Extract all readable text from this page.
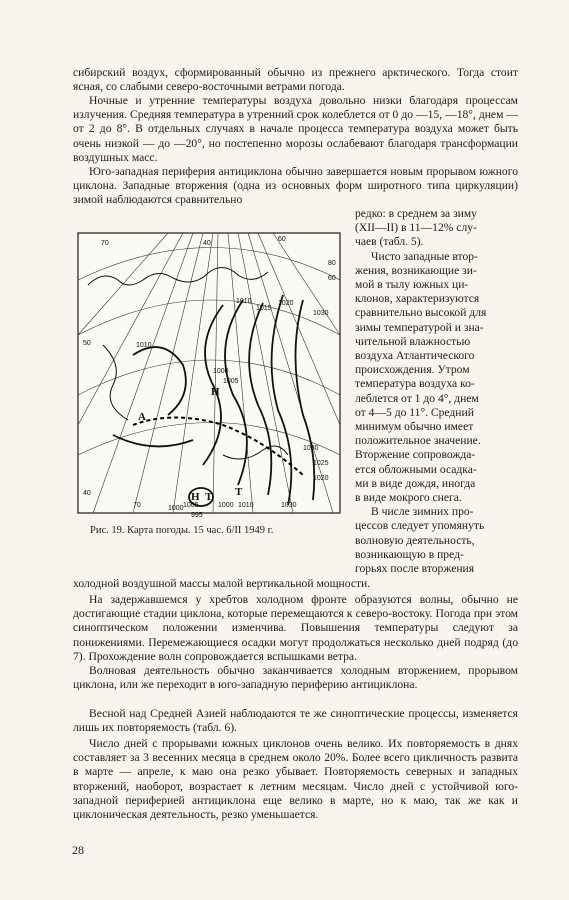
сибирский воздух, сформированный обычно из прежнего арктического. Тогда стоит ясная, со слабыми северо-восточными ветрами погода.

Ночные и утренние температуры воздуха довольно низки благодаря процессам излучения. Средняя температура в утренний срок колеблется от 0 до —15, —18°, днем — от 2 до 8°. В отдельных случаях в начале процесса температура воздуха может быть очень низкой — до —20°, но постепенно морозы ослабевают благодаря трансформации воздушных масс.

Юго-западная периферия антициклона обычно завершается новым прорывом южного циклона. Западные вторжения (одна из основных форм широтного типа циркуляции) зимой наблюдаются сравнительно

70	40
60
80
60
50
40
70
1010
1015
1020
1030
1010
1000
1005
1030
1025
1020
1000 1005
995
1000 1010	1030
H
A
H T T
редко: в среднем за зиму
(XII—II) в 11—12% слу-
чаев (табл. 5).
Чисто западные втор-
жения, возникающие зи-
мой в тылу южных ци-
клонов, характеризуются
сравнительно высокой для
зимы температурой и зна-
чительной влажностью
воздуха Атлантического
происхождения. Утром
температура воздуха ко-
леблется от 1 до 4°, днем
от 4—5 до 11°. Средний
минимум обычно имеет
положительное значение.
Вторжение сопровожда-
ется обложными осадка-
ми в виде дождя, иногда
в виде мокрого снега.
В числе зимних про-
цессов следует упомянуть
волновую деятельность,
возникающую в пред-
горьях после вторжения
Рис. 19. Карта погоды. 15 час. 6/II 1949 г.

холодной воздушной массы малой вертикальной мощности.

На задержавшемся у хребтов холодном фронте образуются волны, обычно не достигающие стадии циклона, которые перемещаются к северо-востоку. Погода при этом синоптическом положении изменчива. Повышения температуры следуют за понижениями. Перемежающиеся осадки могут продолжаться несколько дней подряд (до 7). Прохождение волн сопровождается вспышками ветра.

Волновая деятельность обычно заканчивается холодным вторжением, прорывом циклона, или же переходит в юго-западную периферию антициклона.

Весной над Средней Азией наблюдаются те же синоптические процессы, изменяется лишь их повторяемость (табл. 6).

Число дней с прорывами южных циклонов очень велико. Их повторяемость в днях составляет за 3 весенних месяца в среднем около 20%. Более всего цикличность развита в марте — апреле, к маю она резко убывает. Повторяемость северных и западных вторжений, наоборот, возрастает к летним месяцам. Число дней с устойчивой юго-западной периферией антициклона еще велико в марте, но к маю, так же как и циклоническая деятельность, резко уменьшается.

28
